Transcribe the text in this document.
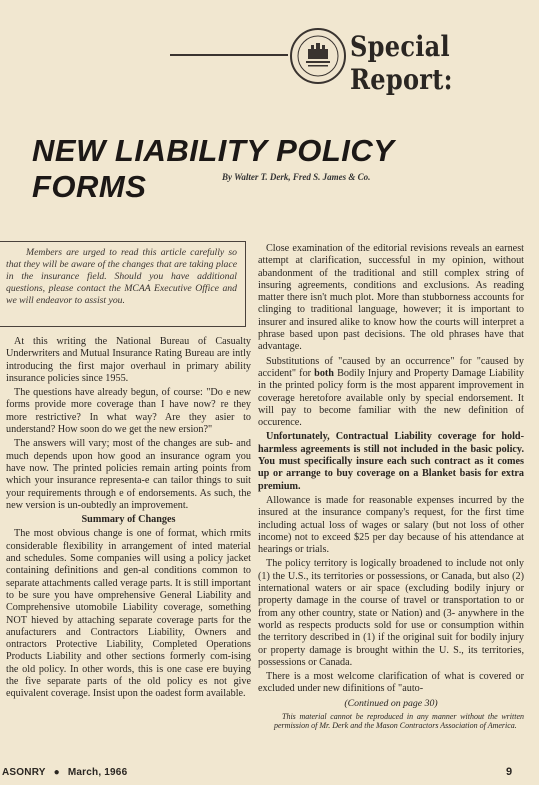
Special Report:
NEW LIABILITY POLICY FORMS	By Walter T. Derk, Fred S. James & Co.

Members are urged to read this article carefully so that they will be aware of the changes that are taking place in the insurance field. Should you have additional questions, please contact the MCAA Executive Office and we will endeavor to assist you.

At this writing the National Bureau of Casualty Underwriters and Mutual Insurance Rating Bureau are intly introducing the first major overhaul in primary ability insurance policies since 1955.

The questions have already begun, of course: "Do e new forms provide more coverage than I have now? re they more restrictive? In what way? Are they asier to understand? How soon do we get the new ersion?"

The answers will vary; most of the changes are sub- and much depends upon how good an insurance ogram you have now. The printed policies remain arting points from which your insurance representa-e can tailor things to suit your requirements through e of endorsements. As such, the new version is un-oubtedly an improvement.

Summary of Changes

The most obvious change is one of format, which rmits considerable flexibility in arrangement of inted material and schedules. Some companies will using a policy jacket containing definitions and gen-al conditions common to separate attachments called verage parts. It is still important to be sure you have omprehensive General Liability and Comprehensive utomobile Liability coverage, something NOT hieved by attaching separate coverage parts for the anufacturers and Contractors Liability, Owners and ontractors Protective Liability, Completed Operations Products Liability and other sections formerly com-ising the old policy. In other words, this is one case ere buying the five separate parts of the old policy es not give equivalent coverage. Insist upon the oadest form available.

Close examination of the editorial revisions reveals an earnest attempt at clarification, successful in my opinion, without abandonment of the traditional and still complex string of insuring agreements, conditions and exclusions. As reading matter there isn't much plot. More than stubborness accounts for clinging to traditional language, however; it is important to insurer and insured alike to know how the courts will interpret a phrase based upon past decisions. The old phrases have that advantage.

Substitutions of "caused by an occurrence" for "caused by accident" for both Bodily Injury and Property Damage Liability in the printed policy form is the most apparent improvement in coverage heretofore available only by special endorsement. It will pay to become familiar with the new definition of occurence.

Unfortunately, Contractual Liability coverage for hold-harmless agreements is still not included in the basic policy. You must specifically insure each such contract as it comes up or arrange to buy coverage on a Blanket basis for extra premium.

Allowance is made for reasonable expenses incurred by the insured at the insurance company's request, for the first time including actual loss of wages or salary (but not loss of other income) not to exceed $25 per day because of his attendance at hearings or trials.

The policy territory is logically broadened to include not only (1) the U.S., its territories or possessions, or Canada, but also (2) international waters or air space (excluding bodily injury or property damage in the course of travel or transportation to or from any other country, state or Nation) and (3- anywhere in the world as respects products sold for use or consumption within the territory described in (1) if the original suit for bodily injury or property damage is brought within the U. S., its territories, possessions or Canada.

There is a most welcome clarification of what is covered or excluded under new difinitions of "auto-

(Continued on page 30)

This material cannot be reproduced in any manner without the written permission of Mr. Derk and the Mason Contractors Association of America.

ASONRY ● March, 1966	9
